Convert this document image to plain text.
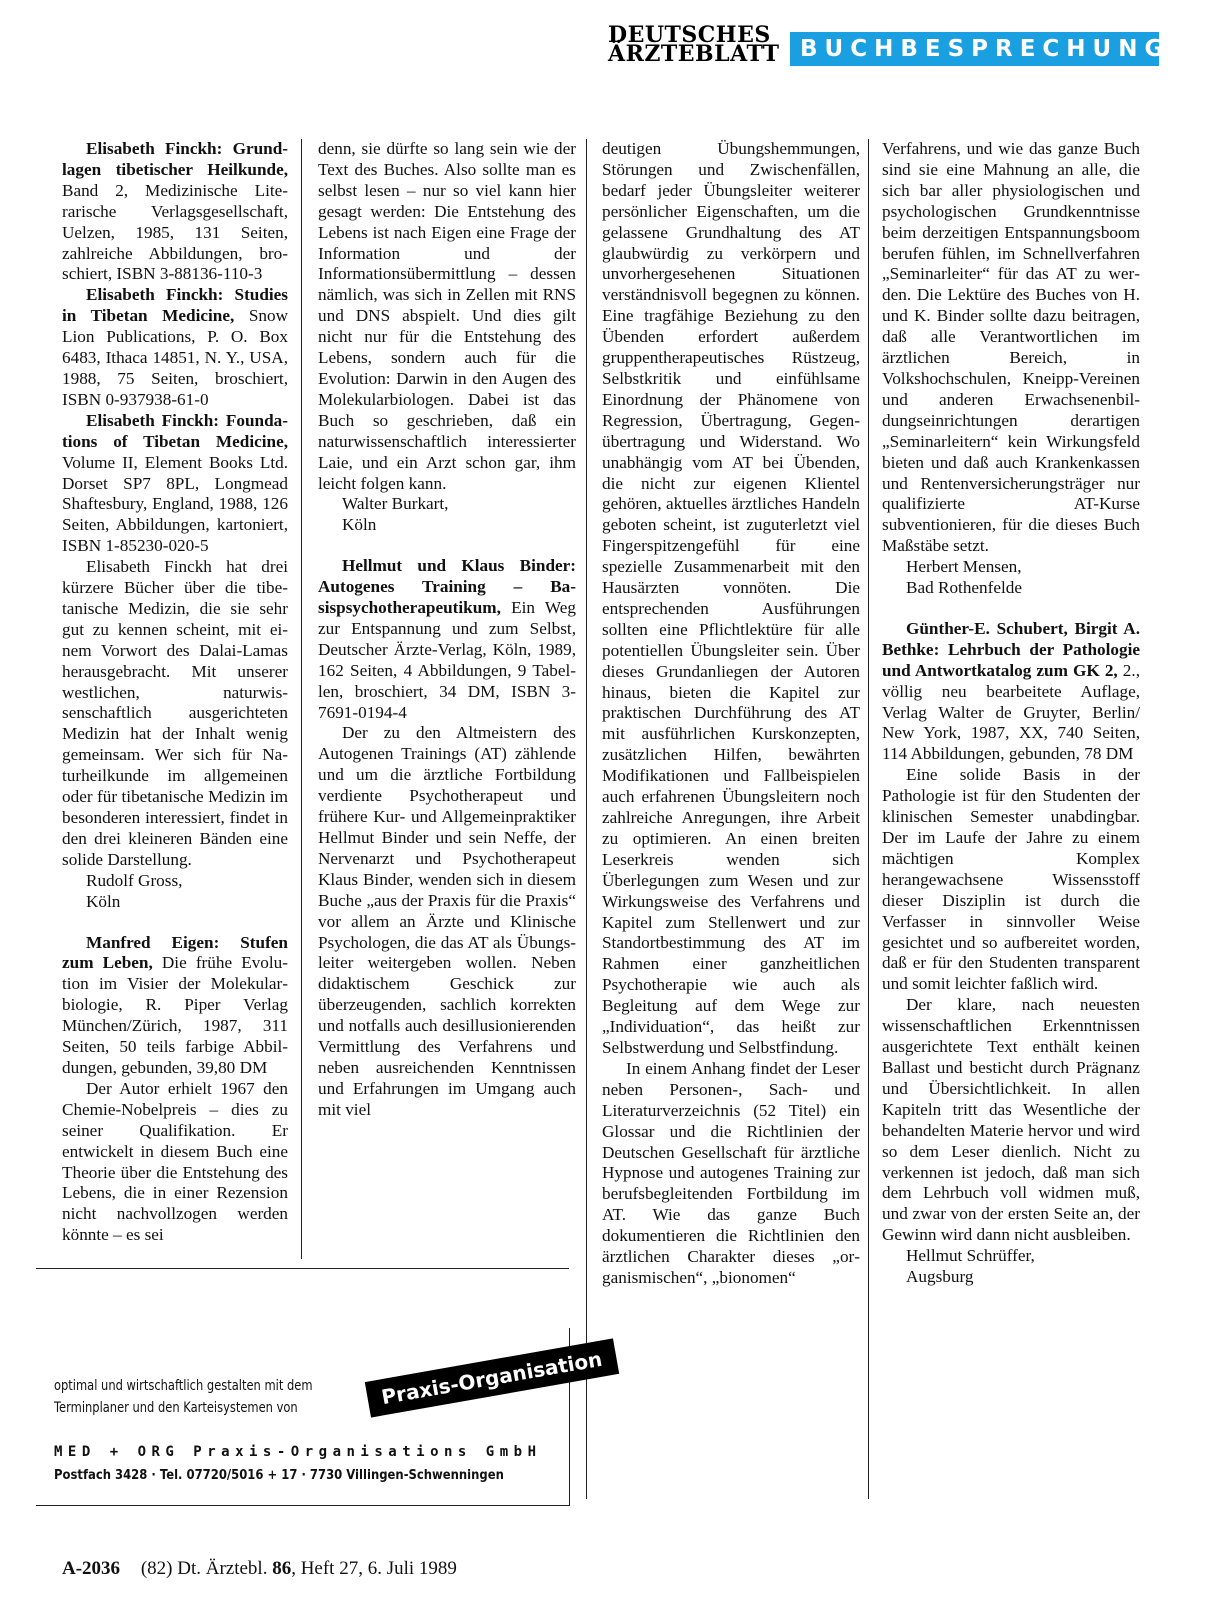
DEUTSCHES
ÄRZTEBLATT BUCHBESPRECHUNGEN

Elisabeth Finckh: Grundlagen tibetischer Heilkunde, Band 2, Medizinische Literarische Verlagsgesellschaft, Uelzen, 1985, 131 Seiten, zahlreiche Abbildungen, broschiert, ISBN 3-88136-110-3

Elisabeth Finckh: Studies in Tibetan Medicine, Snow Lion Publications, P. O. Box 6483, Ithaca 14851, N. Y., USA, 1988, 75 Seiten, broschiert, ISBN 0-937938-61-0

Elisabeth Finckh: Foundations of Tibetan Medicine, Volume II, Element Books Ltd. Dorset SP7 8PL, Longmead Shaftesbury, England, 1988, 126 Seiten, Abbildungen, kartoniert, ISBN 1-85230-020-5

Elisabeth Finckh hat drei kürzere Bücher über die tibetanische Medizin, die sie sehr gut zu kennen scheint, mit einem Vorwort des Dalai-Lamas herausgebracht. Mit unserer westlichen, naturwissenschaftlich ausgerichteten Medizin hat der Inhalt wenig gemeinsam. Wer sich für Naturheilkunde im allgemeinen oder für tibetanische Medizin im besonderen interessiert, findet in den drei kleineren Bänden eine solide Darstellung.

Rudolf Gross,
Köln

Manfred Eigen: Stufen zum Leben, Die frühe Evolution im Visier der Molekularbiologie, R. Piper Verlag München/Zürich, 1987, 311 Seiten, 50 teils farbige Abbildungen, gebunden, 39,80 DM

Der Autor erhielt 1967 den Chemie-Nobelpreis – dies zu seiner Qualifikation. Er entwickelt in diesem Buch eine Theorie über die Entstehung des Lebens, die in einer Rezension nicht nachvollzogen werden könnte – es sei

denn, sie dürfte so lang sein wie der Text des Buches. Also sollte man es selbst lesen – nur so viel kann hier gesagt werden: Die Entstehung des Lebens ist nach Eigen eine Frage der Information und der Informationsübermittlung – dessen nämlich, was sich in Zellen mit RNS und DNS abspielt. Und dies gilt nicht nur für die Entstehung des Lebens, sondern auch für die Evolution: Darwin in den Augen des Molekularbiologen. Dabei ist das Buch so geschrieben, daß ein naturwissenschaftlich interessierter Laie, und ein Arzt schon gar, ihm leicht folgen kann.

Walter Burkart,
Köln

Hellmut und Klaus Binder: Autogenes Training – Basispsychotherapeutikum, Ein Weg zur Entspannung und zum Selbst, Deutscher Ärzte-Verlag, Köln, 1989, 162 Seiten, 4 Abbildungen, 9 Tabellen, broschiert, 34 DM, ISBN 3-7691-0194-4

Der zu den Altmeistern des Autogenen Trainings (AT) zählende und um die ärztliche Fortbildung verdiente Psychotherapeut und frühere Kur- und Allgemeinpraktiker Hellmut Binder und sein Neffe, der Nervenarzt und Psychotherapeut Klaus Binder, wenden sich in diesem Buche „aus der Praxis für die Praxis“ vor allem an Ärzte und Klinische Psychologen, die das AT als Übungsleiter weitergeben wollen. Neben didaktischem Geschick zur überzeugenden, sachlich korrekten und notfalls auch desillusionierenden Vermittlung des Verfahrens und neben ausreichenden Kenntnissen und Erfahrungen im Umgang auch mit viel

deutigen Übungshemmungen, Störungen und Zwischenfällen, bedarf jeder Übungsleiter weiterer persönlicher Eigenschaften, um die gelassene Grundhaltung des AT glaubwürdig zu verkörpern und unvorhergesehenen Situationen verständnisvoll begegnen zu können. Eine tragfähige Beziehung zu den Übenden erfordert außerdem gruppentherapeutisches Rüstzeug, Selbstkritik und einfühlsame Einordnung der Phänomene von Regression, Übertragung, Gegenübertragung und Widerstand. Wo unabhängig vom AT bei Übenden, die nicht zur eigenen Klientel gehören, aktuelles ärztliches Handeln geboten scheint, ist zuguterletzt viel Fingerspitzengefühl für eine spezielle Zusammenarbeit mit den Hausärzten vonnöten. Die entsprechenden Ausführungen sollten eine Pflichtlektüre für alle potentiellen Übungsleiter sein. Über dieses Grundanliegen der Autoren hinaus, bieten die Kapitel zur praktischen Durchführung des AT mit ausführlichen Kurskonzepten, zusätzlichen Hilfen, bewährten Modifikationen und Fallbeispielen auch erfahrenen Übungsleitern noch zahlreiche Anregungen, ihre Arbeit zu optimieren. An einen breiten Leserkreis wenden sich Überlegungen zum Wesen und zur Wirkungsweise des Verfahrens und Kapitel zum Stellenwert und zur Standortbestimmung des AT im Rahmen einer ganzheitlichen Psychotherapie wie auch als Begleitung auf dem Wege zur „Individuation“, das heißt zur Selbstwerdung und Selbstfindung.

In einem Anhang findet der Leser neben Personen-, Sach- und Literaturverzeichnis (52 Titel) ein Glossar und die Richtlinien der Deutschen Gesellschaft für ärztliche Hypnose und autogenes Training zur berufsbegleitenden Fortbildung im AT. Wie das ganze Buch dokumentieren die Richtlinien den ärztlichen Charakter dieses „organismischen“, „bionomen“

Verfahrens, und wie das ganze Buch sind sie eine Mahnung an alle, die sich bar aller physiologischen und psychologischen Grundkenntnisse beim derzeitigen Entspannungsboom berufen fühlen, im Schnellverfahren „Seminarleiter“ für das AT zu werden. Die Lektüre des Buches von H. und K. Binder sollte dazu beitragen, daß alle Verantwortlichen im ärztlichen Bereich, in Volkshochschulen, Kneipp-Vereinen und anderen Erwachsenenbildungseinrichtungen derartigen „Seminarleitern“ kein Wirkungsfeld bieten und daß auch Krankenkassen und Rentenversicherungsträger nur qualifizierte AT-Kurse subventionieren, für die dieses Buch Maßstäbe setzt.

Herbert Mensen,
Bad Rothenfelde

Günther-E. Schubert, Birgit A. Bethke: Lehrbuch der Pathologie und Antwortkatalog zum GK 2, 2., völlig neu bearbeitete Auflage, Verlag Walter de Gruyter, Berlin/ New York, 1987, XX, 740 Seiten, 114 Abbildungen, gebunden, 78 DM

Eine solide Basis in der Pathologie ist für den Studenten der klinischen Semester unabdingbar. Der im Laufe der Jahre zu einem mächtigen Komplex herangewachsene Wissensstoff dieser Disziplin ist durch die Verfasser in sinnvoller Weise gesichtet und so aufbereitet worden, daß er für den Studenten transparent und somit leichter faßlich wird.

Der klare, nach neuesten wissenschaftlichen Erkenntnissen ausgerichtete Text enthält keinen Ballast und besticht durch Prägnanz und Übersichtlichkeit. In allen Kapiteln tritt das Wesentliche der behandelten Materie hervor und wird so dem Leser dienlich. Nicht zu verkennen ist jedoch, daß man sich dem Lehrbuch voll widmen muß, und zwar von der ersten Seite an, der Gewinn wird dann nicht ausbleiben.

Hellmut Schrüffer,
Augsburg

optimal und wirtschaftlich gestalten mit dem
Terminplaner und den Karteisystemen von	Praxis-Organisation
MED + ORG Praxis-Organisations GmbH
Postfach 3428 · Tel. 07720/5016 + 17 · 7730 Villingen-Schwenningen
A-2036 (82) Dt. Ärztebl. 86, Heft 27, 6. Juli 1989
